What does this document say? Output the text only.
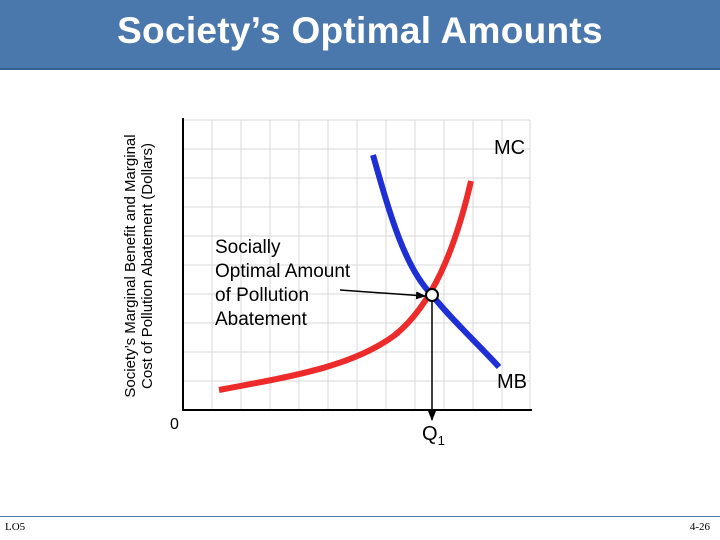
Society’s Optimal Amounts
Society’s Marginal Benefit and Marginal
Cost of Pollution Abatement (Dollars)	MC
MB
0	$Q_1$
Socially
Optimal Amount
of Pollution
Abatement
LO5	4-26
